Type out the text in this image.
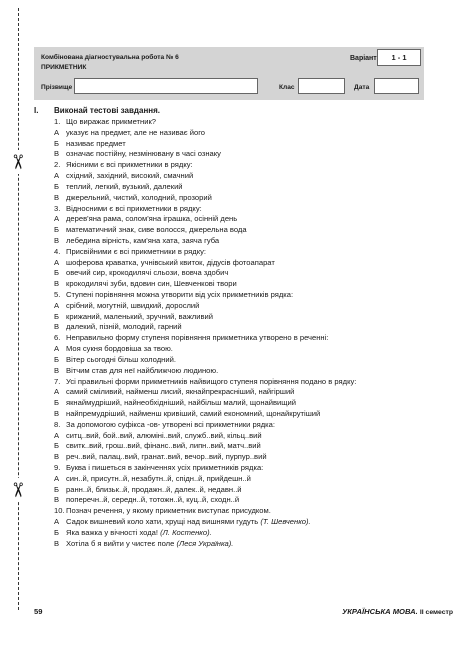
✂
✂
Комбінована діагностувальна робота № 6
ПРИКМЕТНИК
Варіант	1 - 1
Прізвище	Клас	Дата
I. Виконай тестові завдання.
1. Що виражає прикметник?
А указує на предмет, але не називає його
Б називає предмет
В означає постійну, незмінювану в часі ознаку
2. Якісними є всі прикметники в рядку:
А східний, західний, високий, смачний
Б теплий, легкий, вузький, далекий
В джерельний, чистий, холодний, прозорий
3. Відносними є всі прикметники в рядку:
А дерев'яна рама, солом'яна іграшка, осінній день
Б математичний знак, сиве волосся, джерельна вода
В лебедина вірність, кам'яна хата, заяча губа
4. Присвійними є всі прикметники в рядку:
А шоферова краватка, учнівський квиток, дідусів фотоапарат
Б овечий сир, крокодилячі сльози, вовча здобич
В крокодилячі зуби, вдовин син, Шевченкові твори
5. Ступені порівняння можна утворити від усіх прикметників рядка:
А срібний, могутній, швидкий, дорослий
Б крижаний, маленький, зручний, важливий
В далекий, пізній, молодий, гарний
6. Неправильно форму ступеня порівняння прикметника утворено в реченні:
А Моя сукня бордовіша за твою.
Б Вітер сьогодні більш холодний.
В Вітчим став для неї найближчою людиною.
7. Усі правильні форми прикметників найвищого ступеня порівняння подано в рядку:
А самий сміливий, найменш лисий, якнайпрекрасніший, найгірший
Б якнаймудріший, найнеобхідніший, найбільш малий, щонайвищий
В найпремудріший, найменш кривіший, самий економний, щонайкрутіший
8. За допомогою суфікса -ов- утворені всі прикметники рядка:
А ситц..вий, бой..вий, алюміні..вий, служб..вий, кільц..вий
Б свитк..вий, грош..вий, фінанс..вий, липн..вий, матч..вий
В реч..вий, палац..вий, гранат..вий, вечор..вий, пурпур..вий
9. Буква і пишеться в закінченнях усіх прикметників рядка:
А син..й, присутн..й, незабутн..й, спідн..й, прийдешн..й
Б ранн..й, близьк..й, продажн..й, далек..й, недавн..й
В поперечн..й, середн..й, тотожн..й, куц..й, сходн..й
10.Познач речення, у якому прикметник виступає присудком.
А Садок вишневий коло хати, хрущі над вишнями гудуть (Т. Шевченко).
Б Яка важка у вічності хода! (Л. Костенко).
В Хотіла б я вийти у чистеє поле (Леся Українка).
59	УКРАЇНСЬКА МОВА. II семестр
